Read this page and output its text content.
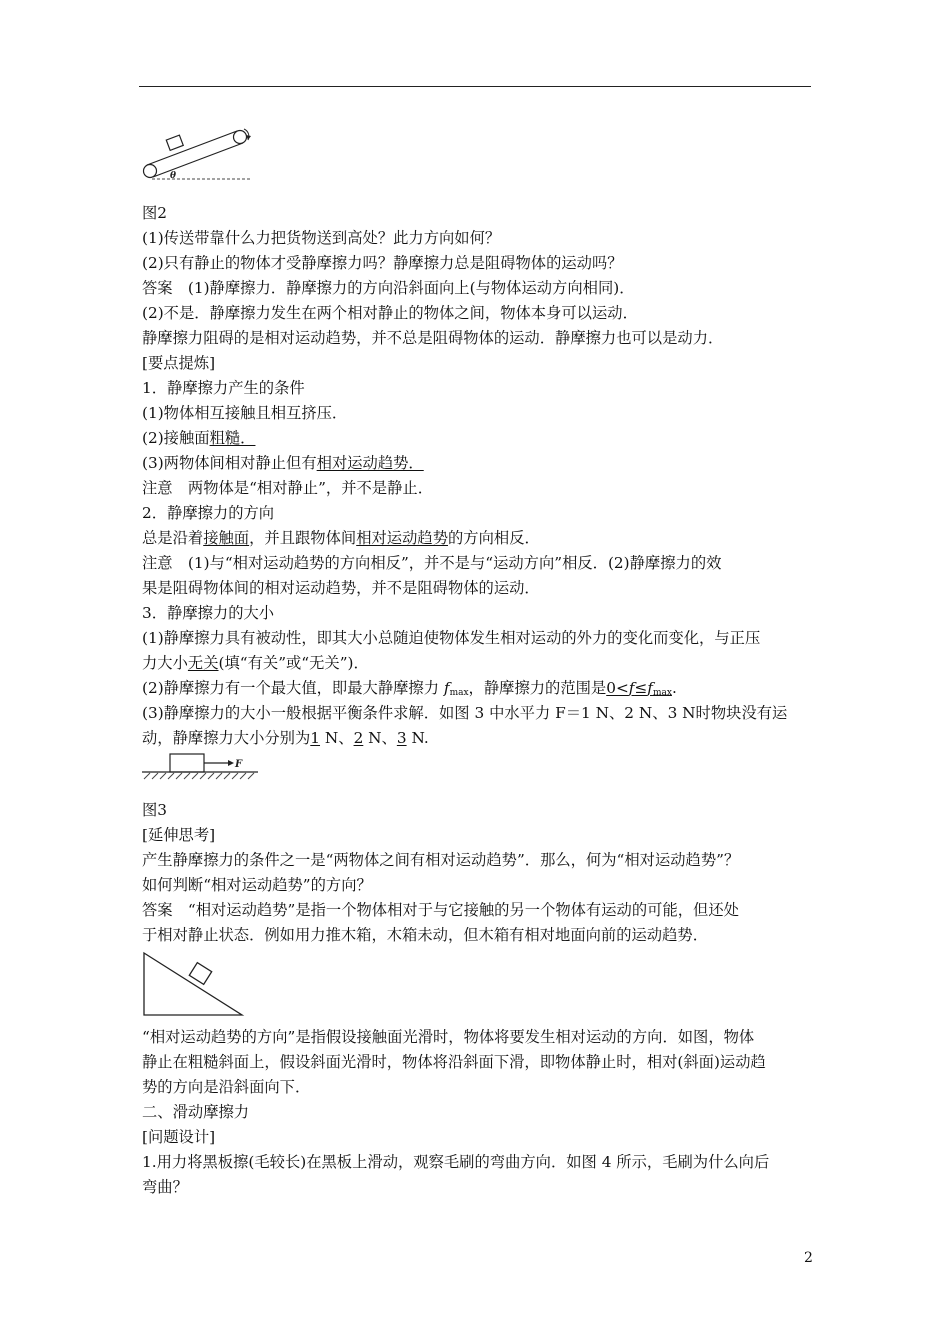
θ
图2
(1)传送带靠什么力把货物送到高处？此力方向如何？
(2)只有静止的物体才受静摩擦力吗？静摩擦力总是阻碍物体的运动吗？
答案　(1)静摩擦力．静摩擦力的方向沿斜面向上(与物体运动方向相同)．
(2)不是．静摩擦力发生在两个相对静止的物体之间，物体本身可以运动．
静摩擦力阻碍的是相对运动趋势，并不总是阻碍物体的运动．静摩擦力也可以是动力．
[要点提炼]
1．静摩擦力产生的条件
(1)物体相互接触且相互挤压．
(2)接触面粗糙．
(3)两物体间相对静止但有相对运动趋势．
注意　两物体是“相对静止”，并不是静止．
2．静摩擦力的方向
总是沿着接触面，并且跟物体间相对运动趋势的方向相反．
注意　(1)与“相对运动趋势的方向相反”，并不是与“运动方向”相反．(2)静摩擦力的效
果是阻碍物体间的相对运动趋势，并不是阻碍物体的运动．
3．静摩擦力的大小
(1)静摩擦力具有被动性，即其大小总随迫使物体发生相对运动的外力的变化而变化，与正压
力大小无关(填“有关”或“无关”)．
(2)静摩擦力有一个最大值，即最大静摩擦力 $f_{max}$，静摩擦力的范围是$0<f\le f_{max}$.
(3)静摩擦力的大小一般根据平衡条件求解．如图 3 中水平力 F＝1 N、2 N、3 N时物块没有运
动，静摩擦力大小分别为1 N、2 N、3 N.
F
图3
[延伸思考]
产生静摩擦力的条件之一是“两物体之间有相对运动趋势”．那么，何为“相对运动趋势”？
如何判断“相对运动趋势”的方向？
答案　“相对运动趋势”是指一个物体相对于与它接触的另一个物体有运动的可能，但还处
于相对静止状态．例如用力推木箱，木箱未动，但木箱有相对地面向前的运动趋势．
“相对运动趋势的方向”是指假设接触面光滑时，物体将要发生相对运动的方向．如图，物体
静止在粗糙斜面上，假设斜面光滑时，物体将沿斜面下滑，即物体静止时，相对(斜面)运动趋
势的方向是沿斜面向下．
二、滑动摩擦力
[问题设计]
1.用力将黑板擦(毛较长)在黑板上滑动，观察毛刷的弯曲方向．如图 4 所示，毛刷为什么向后
弯曲？
2
